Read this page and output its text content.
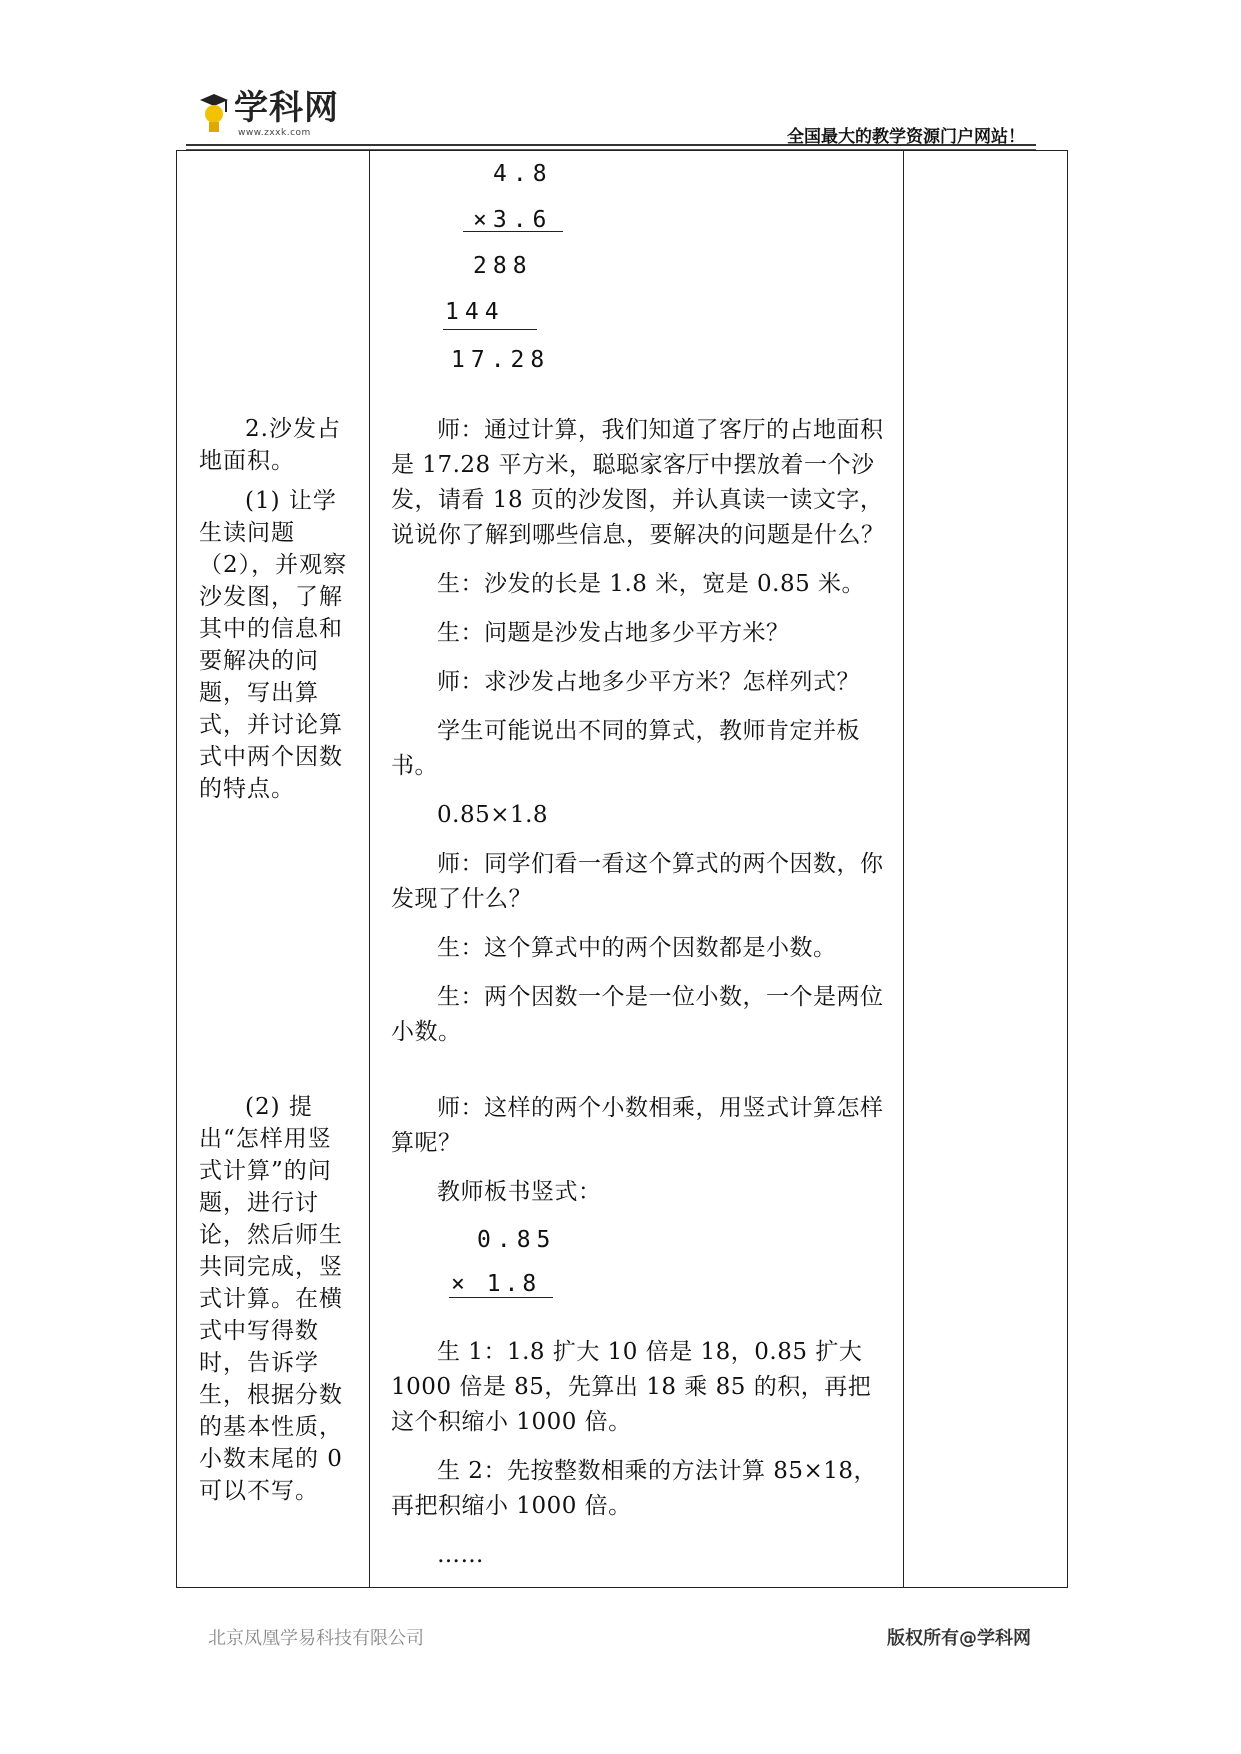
学科网
www.zxxk.com	全国最大的教学资源门户网站！
4.8
×3.6
288
144
17.28

2.沙发占地面积。

(1) 让学生读问题（2），并观察沙发图，了解其中的信息和要解决的问题，写出算式，并讨论算式中两个因数的特点。

(2) 提出“怎样用竖式计算”的问题，进行讨论，然后师生共同完成，竖式计算。在横式中写得数时，告诉学生，根据分数的基本性质，小数末尾的 0 可以不写。

师：通过计算，我们知道了客厅的占地面积是 17.28 平方米，聪聪家客厅中摆放着一个沙发，请看 18 页的沙发图，并认真读一读文字，说说你了解到哪些信息，要解决的问题是什么？

生：沙发的长是 1.8 米，宽是 0.85 米。

生：问题是沙发占地多少平方米？

师：求沙发占地多少平方米？怎样列式？

学生可能说出不同的算式，教师肯定并板书。

0.85×1.8

师：同学们看一看这个算式的两个因数，你发现了什么？

生：这个算式中的两个因数都是小数。

生：两个因数一个是一位小数，一个是两位小数。

师：这样的两个小数相乘，用竖式计算怎样算呢？

教师板书竖式：

0.85
× 1.8

生 1：1.8 扩大 10 倍是 18，0.85 扩大 1000 倍是 85，先算出 18 乘 85 的积，再把这个积缩小 1000 倍。

生 2：先按整数相乘的方法计算 85×18，再把积缩小 1000 倍。

……

北京凤凰学易科技有限公司	版权所有@学科网
